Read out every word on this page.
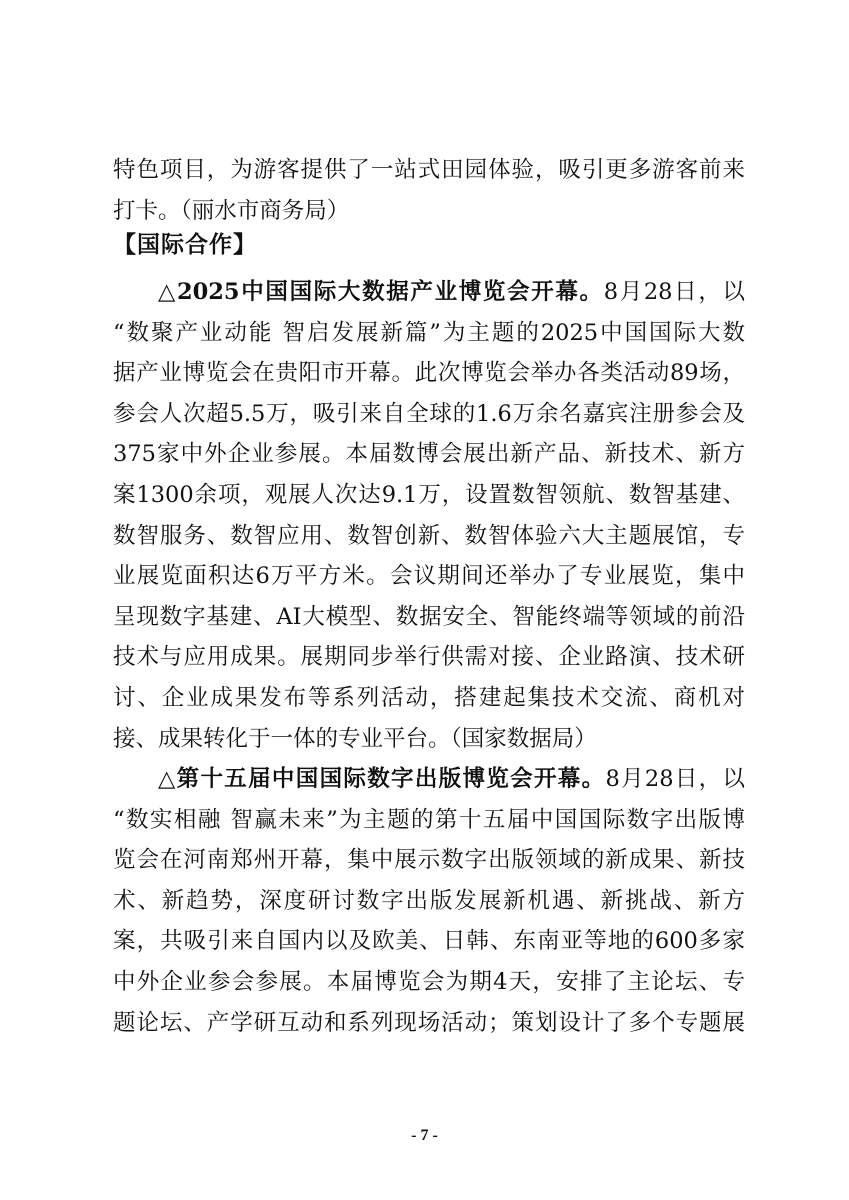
特色项目，为游客提供了一站式田园体验，吸引更多游客前来
打卡。（丽水市商务局）

【国际合作】

△2025中国国际大数据产业博览会开幕。8月28日，以
“数聚产业动能 智启发展新篇”为主题的2025中国国际大数
据产业博览会在贵阳市开幕。此次博览会举办各类活动89场，
参会人次超5.5万，吸引来自全球的1.6万余名嘉宾注册参会及
375家中外企业参展。本届数博会展出新产品、新技术、新方
案1300余项，观展人次达9.1万，设置数智领航、数智基建、
数智服务、数智应用、数智创新、数智体验六大主题展馆，专
业展览面积达6万平方米。会议期间还举办了专业展览，集中
呈现数字基建、AI大模型、数据安全、智能终端等领域的前沿
技术与应用成果。展期同步举行供需对接、企业路演、技术研
讨、企业成果发布等系列活动，搭建起集技术交流、商机对
接、成果转化于一体的专业平台。（国家数据局）

△第十五届中国国际数字出版博览会开幕。8月28日，以
“数实相融 智赢未来”为主题的第十五届中国国际数字出版博
览会在河南郑州开幕，集中展示数字出版领域的新成果、新技
术、新趋势，深度研讨数字出版发展新机遇、新挑战、新方
案，共吸引来自国内以及欧美、日韩、东南亚等地的600多家
中外企业参会参展。本届博览会为期4天，安排了主论坛、专
题论坛、产学研互动和系列现场活动；策划设计了多个专题展

- 7 -
